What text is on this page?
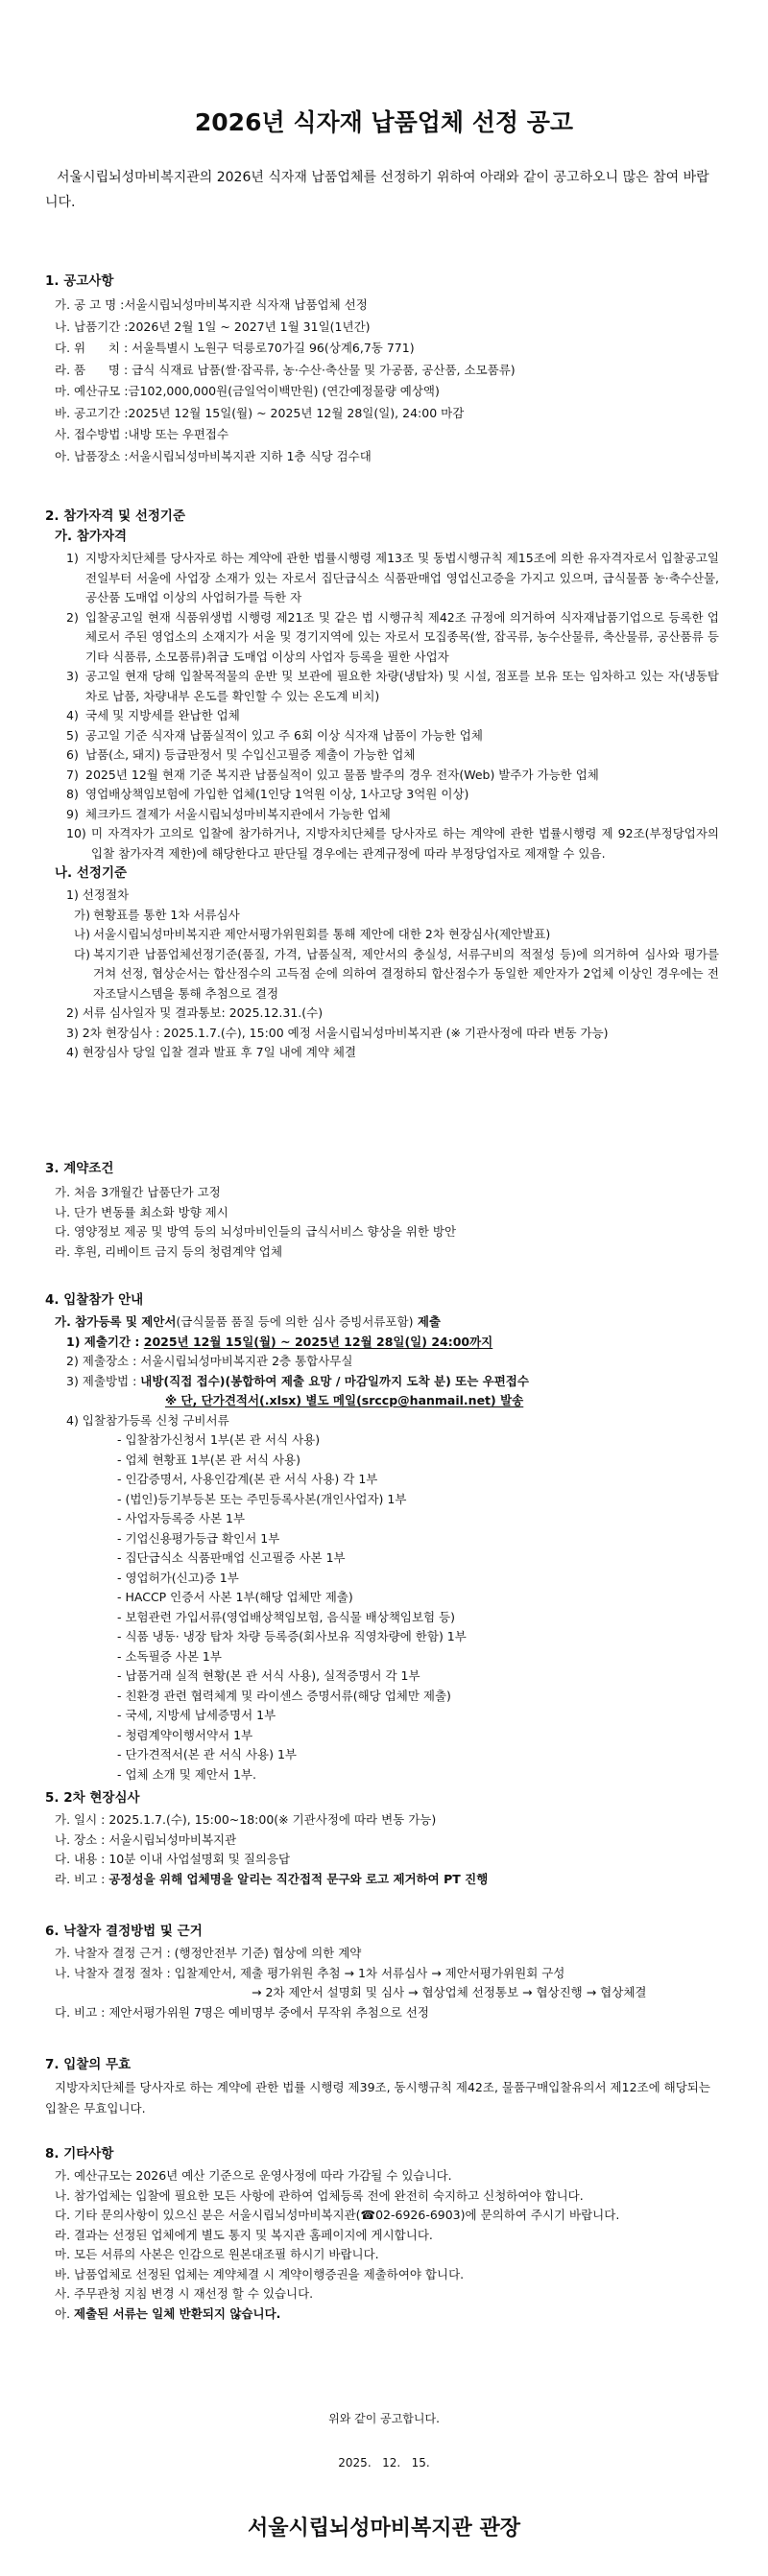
2026년 식자재 납품업체 선정 공고
서울시립뇌성마비복지관의 2026년 식자재 납품업체를 선정하기 위하여 아래와 같이 공고하오니 많은 참여 바랍니다.
1. 공고사항
가. 공 고 명 : 서울시립뇌성마비복지관 식자재 납품업체 선정
나. 납품기간 : 2026년 2월 1일 ~ 2027년 1월 31일(1년간)
다. 위      치 : 서울특별시 노원구 덕릉로70가길 96(상계6,7동 771)
라. 품      명 : 급식 식재료 납품(쌀·잡곡류, 농·수산·축산물 및 가공품, 공산품, 소모품류)
마. 예산규모 : 금102,000,000원(금일억이백만원) (연간예정물량 예상액)
바. 공고기간 : 2025년 12월 15일(월) ~ 2025년 12월 28일(일), 24:00 마감
사. 접수방법 : 내방 또는 우편접수
아. 납품장소 : 서울시립뇌성마비복지관 지하 1층 식당 검수대
2. 참가자격 및 선정기준
가. 참가자격
1) 지방자치단체를 당사자로 하는 계약에 관한 법률시행령 제13조 및 동법시행규칙 제15조에 의한 유자격자로서 입찰공고일 전일부터 서울에 사업장 소재가 있는 자로서 집단급식소 식품판매업 영업신고증을 가지고 있으며, 급식물품 농·축수산물, 공산품 도매업 이상의 사업허가를 득한 자
2) 입찰공고일 현재 식품위생법 시행령 제21조 및 같은 법 시행규칙 제42조 규정에 의거하여 식자재납품기업으로 등록한 업체로서 주된 영업소의 소재지가 서울 및 경기지역에 있는 자로서 모집종목(쌀, 잡곡류, 농수산물류, 축산물류, 공산품류 등 기타 식품류, 소모품류)취급 도매업 이상의 사업자 등록을 필한 사업자
3) 공고일 현재 당해 입찰목적물의 운반 및 보관에 필요한 차량(냉탑차) 및 시설, 점포를 보유 또는 임차하고 있는 자(냉동탑차로 납품, 차량내부 온도를 확인할 수 있는 온도계 비치)
4) 국세 및 지방세를 완납한 업체
5) 공고일 기준 식자재 납품실적이 있고 주 6회 이상 식자재 납품이 가능한 업체
6) 납품(소, 돼지) 등급판정서 및 수입신고필증 제출이 가능한 업체
7) 2025년 12월 현재 기준 복지관 납품실적이 있고 물품 발주의 경우 전자(Web) 발주가 가능한 업체
8) 영업배상책임보험에 가입한 업체(1인당 1억원 이상, 1사고당 3억원 이상)
9) 체크카드 결제가 서울시립뇌성마비복지관에서 가능한 업체
10) 미 자격자가 고의로 입찰에 참가하거나, 지방자치단체를 당사자로 하는 계약에 관한 법률시행령 제 92조(부정당업자의 입찰 참가자격 제한)에 해당한다고 판단될 경우에는 관계규정에 따라 부정당업자로 제재할 수 있음.
나. 선정기준
1) 선정절차
가) 현황표를 통한 1차 서류심사
나) 서울시립뇌성마비복지관 제안서평가위원회를 통해 제안에 대한 2차 현장심사(제안발표)
다) 복지기관 납품업체선정기준(품질, 가격, 납품실적, 제안서의 충실성, 서류구비의 적절성 등)에 의거하여 심사와 평가를 거쳐 선정, 협상순서는 합산점수의 고득점 순에 의하여 결정하되 합산점수가 동일한 제안자가 2업체 이상인 경우에는 전자조달시스템을 통해 추첨으로 결정
2) 서류 심사일자 및 결과통보: 2025.12.31.(수)
3) 2차 현장심사 : 2025.1.7.(수), 15:00 예정 서울시립뇌성마비복지관 (※ 기관사정에 따라 변동 가능)
4) 현장심사 당일 입찰 결과 발표 후 7일 내에 계약 체결
3. 계약조건
가. 처음 3개월간 납품단가 고정
나. 단가 변동률 최소화 방향 제시
다. 영양정보 제공 및 방역 등의 뇌성마비인들의 급식서비스 향상을 위한 방안
라. 후원, 리베이트 금지 등의 청렴계약 업체
4. 입찰참가 안내
가. 참가등록 및 제안서(급식물품 품질 등에 의한 심사 증빙서류포함) 제출
1) 제출기간 : 2025년 12월 15일(월) ~ 2025년 12월 28일(일) 24:00까지
2) 제출장소 : 서울시립뇌성마비복지관 2층 통합사무실
3) 제출방법 : 내방(직접 접수)(봉합하여 제출 요망 / 마감일까지 도착 분) 또는 우편접수
※ 단, 단가견적서(.xlsx) 별도 메일(srccp@hanmail.net) 발송
4) 입찰참가등록 신청 구비서류
- 입찰참가신청서 1부(본 관 서식 사용)
- 업체 현황표 1부(본 관 서식 사용)
- 인감증명서, 사용인감계(본 관 서식 사용) 각 1부
- (법인)등기부등본 또는 주민등록사본(개인사업자) 1부
- 사업자등록증 사본 1부
- 기업신용평가등급 확인서 1부
- 집단급식소 식품판매업 신고필증 사본 1부
- 영업허가(신고)증 1부
- HACCP 인증서 사본 1부(해당 업체만 제출)
- 보험관련 가입서류(영업배상책임보험, 음식물 배상책임보험 등)
- 식품 냉동· 냉장 탑차 차량 등록증(회사보유 직영차량에 한함) 1부
- 소독필증 사본 1부
- 납품거래 실적 현황(본 관 서식 사용), 실적증명서 각 1부
- 친환경 관련 협력체계 및 라이센스 증명서류(해당 업체만 제출)
- 국세, 지방세 납세증명서 1부
- 청렴계약이행서약서 1부
- 단가견적서(본 관 서식 사용) 1부
- 업체 소개 및 제안서 1부.
5. 2차 현장심사
가. 일시 : 2025.1.7.(수), 15:00~18:00(※ 기관사정에 따라 변동 가능)
나. 장소 : 서울시립뇌성마비복지관
다. 내용 : 10분 이내 사업설명회 및 질의응답
라. 비고 : 공정성을 위해 업체명을 알리는 직간접적 문구와 로고 제거하여 PT 진행
6. 낙찰자 결정방법 및 근거
가. 낙찰자 결정 근거 : (행정안전부 기준) 협상에 의한 계약
나. 낙찰자 결정 절차 : 입찰제안서, 제출 평가위원 추첨 → 1차 서류심사 → 제안서평가위원회 구성
→ 2차 제안서 설명회 및 심사 → 협상업체 선정통보 → 협상진행 → 협상체결
다. 비고 : 제안서평가위원 7명은 예비명부 중에서 무작위 추첨으로 선정
7. 입찰의 무효
지방자치단체를 당사자로 하는 계약에 관한 법률 시행령 제39조, 동시행규칙 제42조, 물품구매입찰유의서 제12조에 해당되는 입찰은 무효입니다.
8. 기타사항
가. 예산규모는 2026년 예산 기준으로 운영사정에 따라 가감될 수 있습니다.
나. 참가업체는 입찰에 필요한 모든 사항에 관하여 업체등록 전에 완전히 숙지하고 신청하여야 합니다.
다. 기타 문의사항이 있으신 분은 서울시립뇌성마비복지관(☎02-6926-6903)에 문의하여 주시기 바랍니다.
라. 결과는 선정된 업체에게 별도 통지 및 복지관 홈페이지에 게시합니다.
마. 모든 서류의 사본은 인감으로 원본대조필 하시기 바랍니다.
바. 납품업체로 선정된 업체는 계약체결 시 계약이행증권을 제출하여야 합니다.
사. 주무관청 지침 변경 시 재선정 할 수 있습니다.
아. 제출된 서류는 일체 반환되지 않습니다.
위와 같이 공고합니다.
2025.   12.   15.
서울시립뇌성마비복지관 관장
